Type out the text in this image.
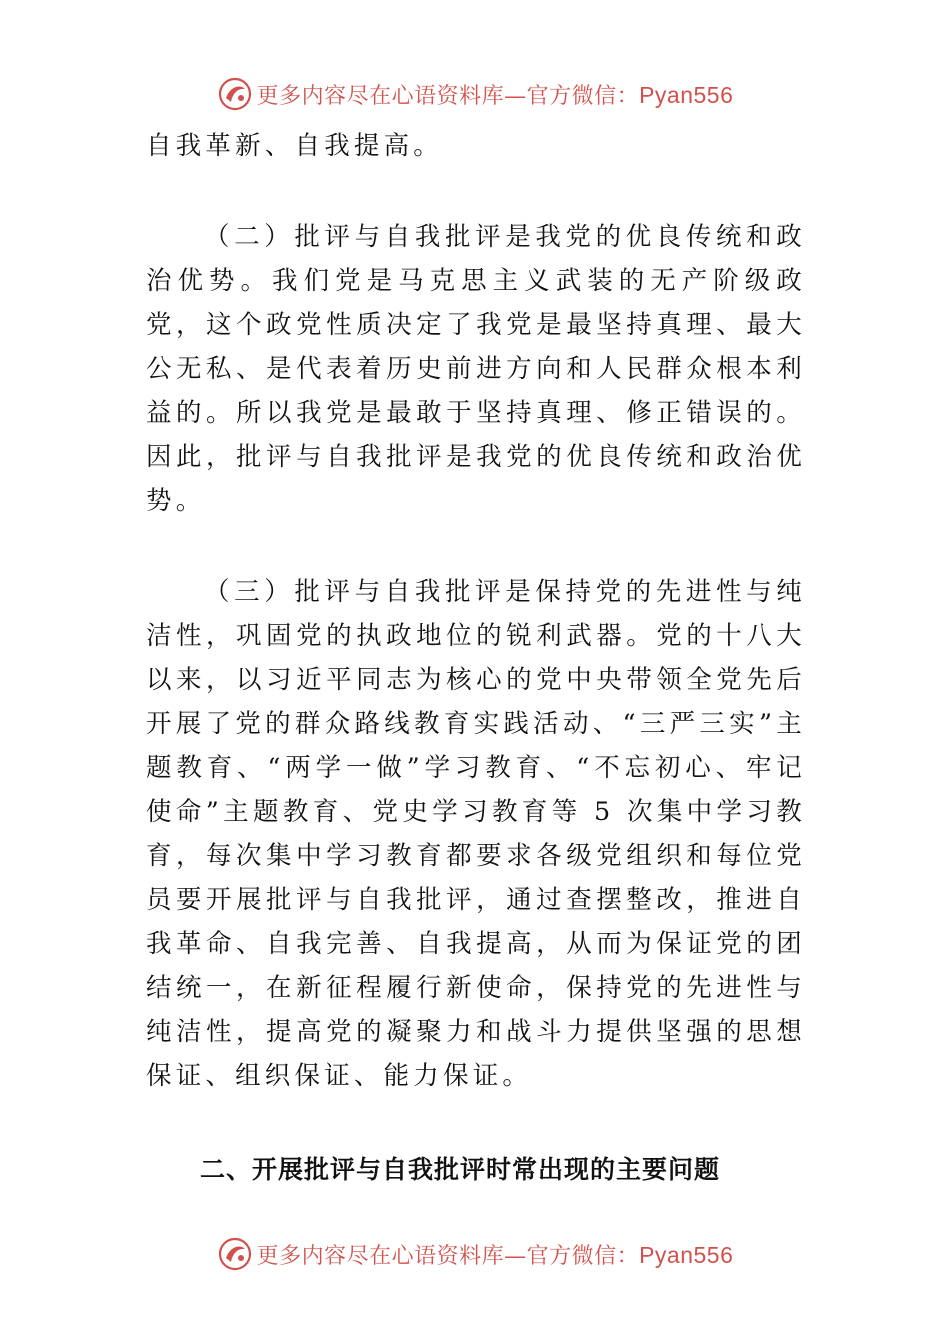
更多内容尽在心语资料库—官方微信：Pyan556

自我革新、自我提高。

（二）批评与自我批评是我党的优良传统和政治优势。我们党是马克思主义武装的无产阶级政党，这个政党性质决定了我党是最坚持真理、最大公无私、是代表着历史前进方向和人民群众根本利益的。所以我党是最敢于坚持真理、修正错误的。因此，批评与自我批评是我党的优良传统和政治优势。

（三）批评与自我批评是保持党的先进性与纯洁性，巩固党的执政地位的锐利武器。党的十八大以来，以习近平同志为核心的党中央带领全党先后开展了党的群众路线教育实践活动、“三严三实”主题教育、“两学一做”学习教育、“不忘初心、牢记使命”主题教育、党史学习教育等 5 次集中学习教育，每次集中学习教育都要求各级党组织和每位党员要开展批评与自我批评，通过查摆整改，推进自我革命、自我完善、自我提高，从而为保证党的团结统一，在新征程履行新使命，保持党的先进性与纯洁性，提高党的凝聚力和战斗力提供坚强的思想保证、组织保证、能力保证。

二、开展批评与自我批评时常出现的主要问题
更多内容尽在心语资料库—官方微信：Pyan556
